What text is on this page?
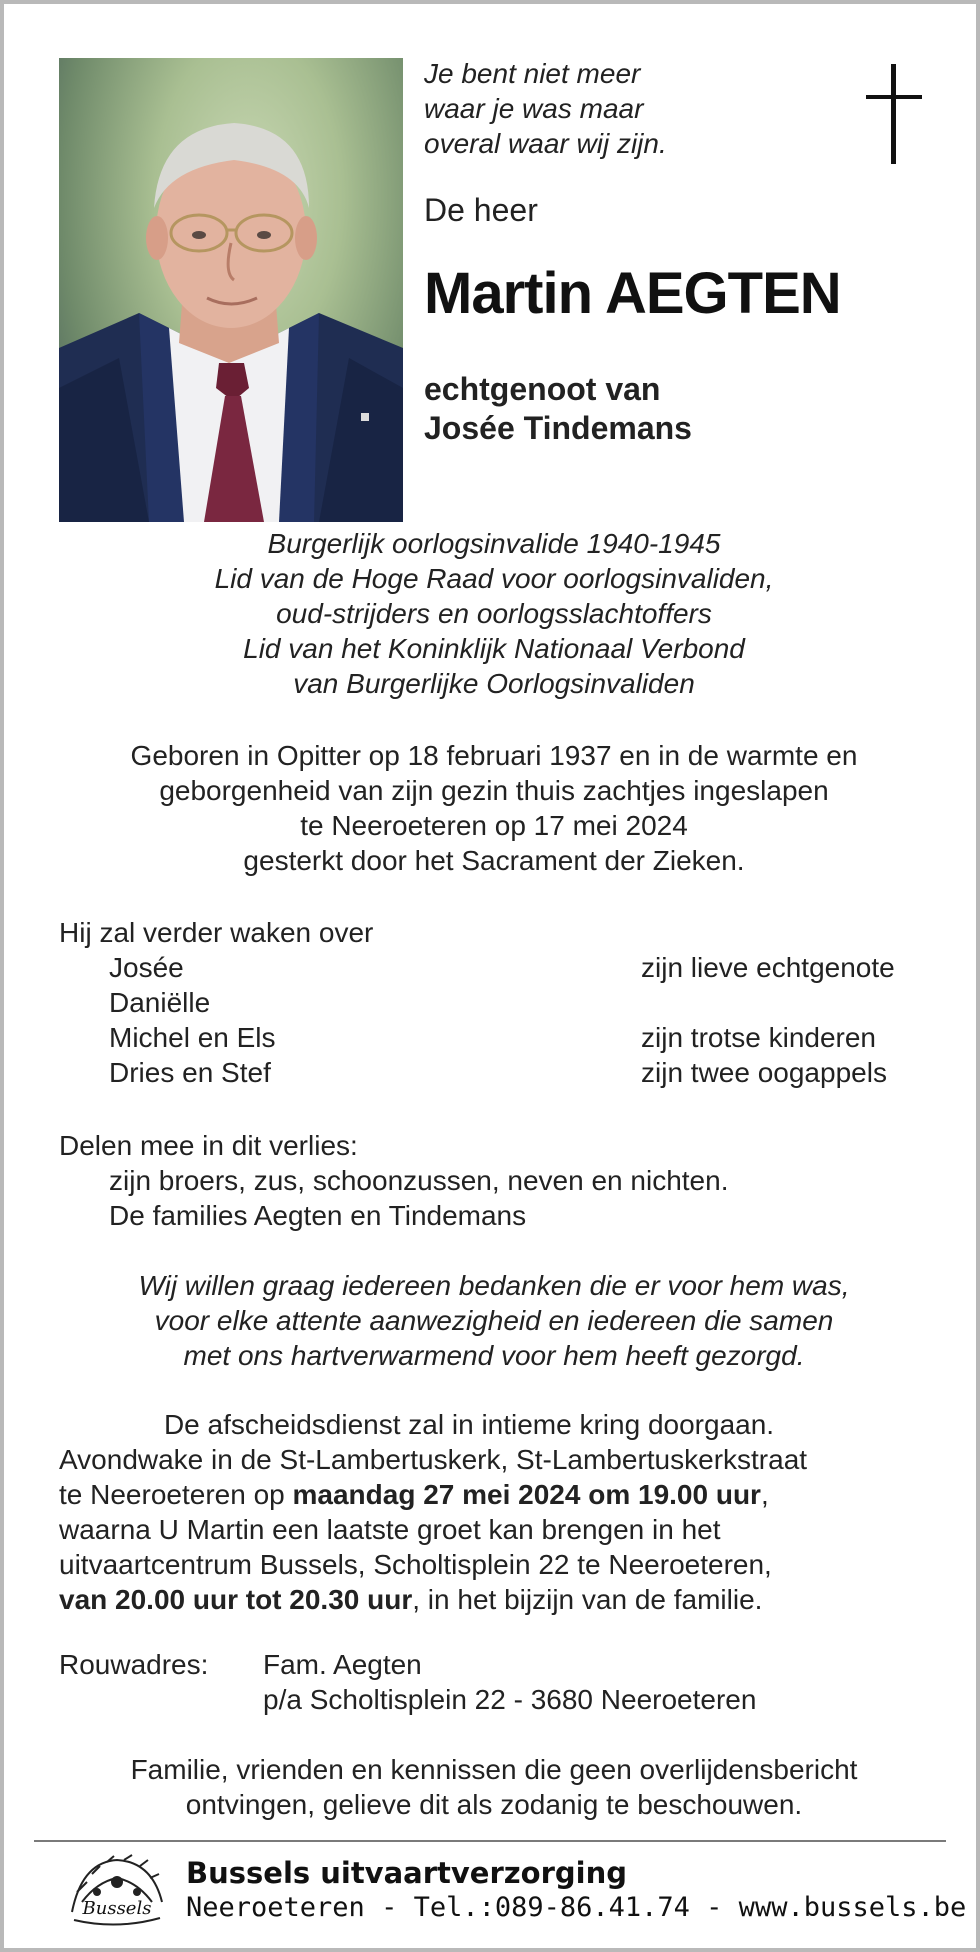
Je bent niet meer
waar je was maar
overal waar wij zijn.
De heer
Martin AEGTEN
echtgenoot van
Josée Tindemans
Burgerlijk oorlogsinvalide 1940-1945
Lid van de Hoge Raad voor oorlogsinvaliden,
oud-strijders en oorlogsslachtoffers
Lid van het Koninklijk Nationaal Verbond
van Burgerlijke Oorlogsinvaliden
Geboren in Opitter op 18 februari 1937 en in de warmte en
geborgenheid van zijn gezin thuis zachtjes ingeslapen
te Neeroeteren op 17 mei 2024
gesterkt door het Sacrament der Zieken.
Hij zal verder waken over
Josée	zijn lieve echtgenote
Daniëlle
Michel en Els	zijn trotse kinderen
Dries en Stef	zijn twee oogappels
Delen mee in dit verlies:
zijn broers, zus, schoonzussen, neven en nichten.
De families Aegten en Tindemans
Wij willen graag iedereen bedanken die er voor hem was,
voor elke attente aanwezigheid en iedereen die samen
met ons hartverwarmend voor hem heeft gezorgd.
De afscheidsdienst zal in intieme kring doorgaan.
Avondwake in de St-Lambertuskerk, St-Lambertuskerkstraat
te Neeroeteren op maandag 27 mei 2024 om 19.00 uur,
waarna U Martin een laatste groet kan brengen in het
uitvaartcentrum Bussels, Scholtisplein 22 te Neeroeteren,
van 20.00 uur tot 20.30 uur, in het bijzijn van de familie.
Rouwadres: Fam. Aegten
p/a Scholtisplein 22 - 3680 Neeroeteren
Familie, vrienden en kennissen die geen overlijdensbericht
ontvingen, gelieve dit als zodanig te beschouwen.
Bussels
Bussels uitvaartverzorging
Neeroeteren - Tel.:089-86.41.74 - www.bussels.be
